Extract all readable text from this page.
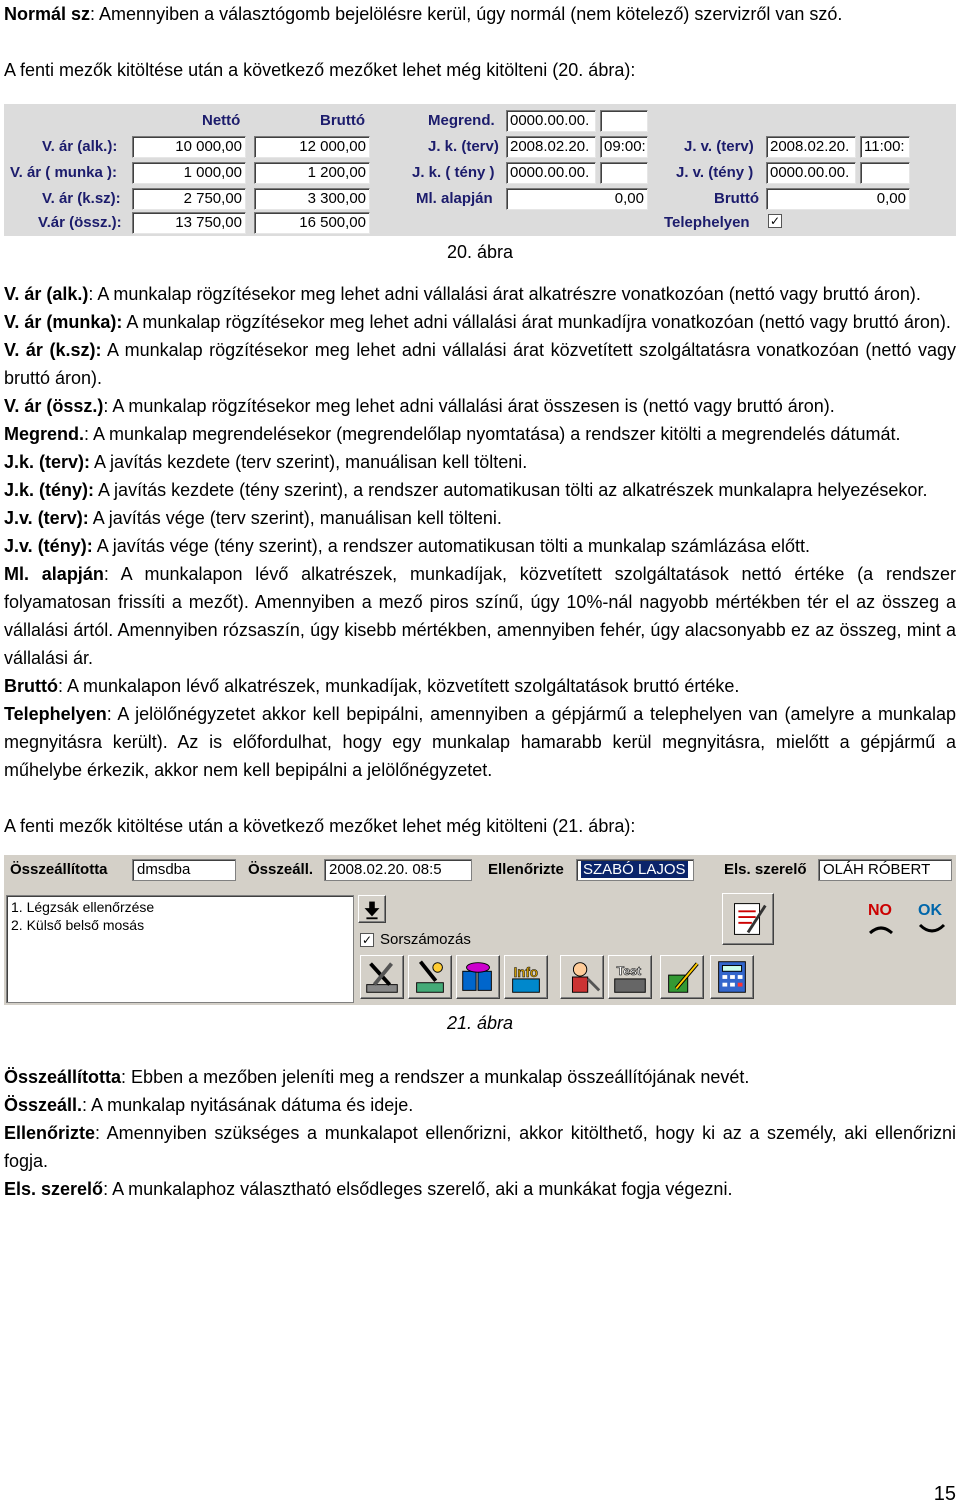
Normál sz: Amennyiben a választógomb bejelölésre kerül, úgy normál (nem kötelező) szervizről van szó.

A fenti mezők kitöltése után a következő mezőket lehet még kitölteni (20. ábra):

Nettó	Bruttó
V. ár (alk.):	10 000,00	12 000,00
V. ár ( munka ):	1 000,00	1 200,00
V. ár (k.sz):	2 750,00	3 300,00
V.ár (össz.):	13 750,00	16 500,00
Megrend. 0000.00.00.
J. k. (terv) 2008.02.20. 09:00:
J. k. ( tény ) 0000.00.00.
Ml. alapján	0,00
J. v. (terv) 2008.02.20. 11:00:
J. v. (tény ) 0000.00.00.
Bruttó	0,00
Telephelyen ✓

20. ábra

V. ár (alk.): A munkalap rögzítésekor meg lehet adni vállalási árat alkatrészre vonatkozóan (nettó vagy bruttó áron).

V. ár (munka): A munkalap rögzítésekor meg lehet adni vállalási árat munkadíjra vonatkozóan (nettó vagy bruttó áron).

V. ár (k.sz): A munkalap rögzítésekor meg lehet adni vállalási árat közvetített szolgáltatásra vonatkozóan (nettó vagy bruttó áron).

V. ár (össz.): A munkalap rögzítésekor meg lehet adni vállalási árat összesen is (nettó vagy bruttó áron).

Megrend.: A munkalap megrendelésekor (megrendelőlap nyomtatása) a rendszer kitölti a megrendelés dátumát.

J.k. (terv): A javítás kezdete (terv szerint), manuálisan kell tölteni.

J.k. (tény): A javítás kezdete (tény szerint), a rendszer automatikusan tölti az alkatrészek munkalapra helyezésekor.

J.v. (terv): A javítás vége (terv szerint), manuálisan kell tölteni.

J.v. (tény): A javítás vége (tény szerint), a rendszer automatikusan tölti a munkalap számlázása előtt.

Ml. alapján: A munkalapon lévő alkatrészek, munkadíjak, közvetített szolgáltatások nettó értéke (a rendszer folyamatosan frissíti a mezőt). Amennyiben a mező piros színű, úgy 10%-nál nagyobb mértékben tér el az összeg a vállalási ártól. Amennyiben rózsaszín, úgy kisebb mértékben, amennyiben fehér, úgy alacsonyabb ez az összeg, mint a vállalási ár.

Bruttó: A munkalapon lévő alkatrészek, munkadíjak, közvetített szolgáltatások bruttó értéke.

Telephelyen: A jelölőnégyzetet akkor kell bepipálni, amennyiben a gépjármű a telephelyen van (amelyre a munkalap megnyitásra került). Az is előfordulhat, hogy egy munkalap hamarabb kerül megnyitásra, mielőtt a gépjármű a műhelybe érkezik, akkor nem kell bepipálni a jelölőnégyzetet.

A fenti mezők kitöltése után a következő mezőket lehet még kitölteni (21. ábra):

Összeállította	dmsdba	Összeáll.	2008.02.20. 08:5	Ellenőrizte	SZABÓ LAJOS	Els. szerelő	OLÁH RÓBERT
1. Légzsák ellenőrzése
2. Külső belső mosás
✓ Sorszámozás
NO OK
Info	Test

21. ábra

Összeállította: Ebben a mezőben jeleníti meg a rendszer a munkalap összeállítójának nevét.

Összeáll.: A munkalap nyitásának dátuma és ideje.

Ellenőrizte: Amennyiben szükséges a munkalapot ellenőrizni, akkor kitölthető, hogy ki az a személy, aki ellenőrizni fogja.

Els. szerelő: A munkalaphoz választható elsődleges szerelő, aki a munkákat fogja végezni.

15
